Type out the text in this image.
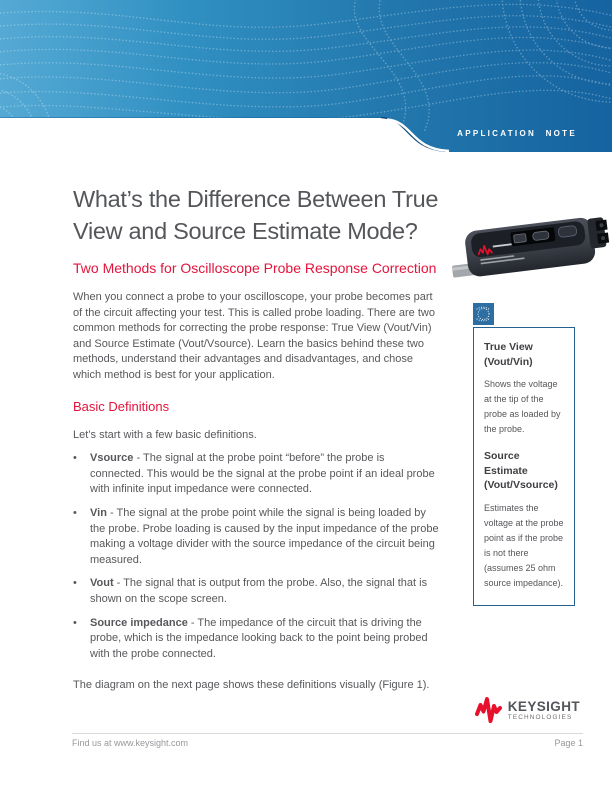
APPLICATION NOTE
What’s the Difference Between True
View and Source Estimate Mode?
Two Methods for Oscilloscope Probe Response Correction
When you connect a probe to your oscilloscope, your probe becomes part of the circuit affecting your test. This is called probe loading. There are two common methods for correcting the probe response: True View (Vout/Vin) and Source Estimate (Vout/Vsource). Learn the basics behind these two methods, understand their advantages and disadvantages, and chose which method is best for your application.
Basic Definitions
Let’s start with a few basic definitions.
•	Vsource - The signal at the probe point “before” the probe is connected. This would be the signal at the probe point if an ideal probe with infinite input impedance were connected.
•	Vin - The signal at the probe point while the signal is being loaded by the probe. Probe loading is caused by the input impedance of the probe making a voltage divider with the source impedance of the circuit being measured.
•	Vout - The signal that is output from the probe. Also, the signal that is shown on the scope screen.
•	Source impedance - The impedance of the circuit that is driving the probe, which is the impedance looking back to the point being probed with the probe connected.
The diagram on the next page shows these definitions visually (Figure 1).
True View
(Vout/Vin)
Shows the voltage at the tip of the probe as loaded by the probe.
Source Estimate
(Vout/Vsource)
Estimates the voltage at the probe point as if the probe is not there (assumes 25 ohm source impedance).
KEYSIGHT
TECHNOLOGIES
Find us at www.keysight.com	Page 1
